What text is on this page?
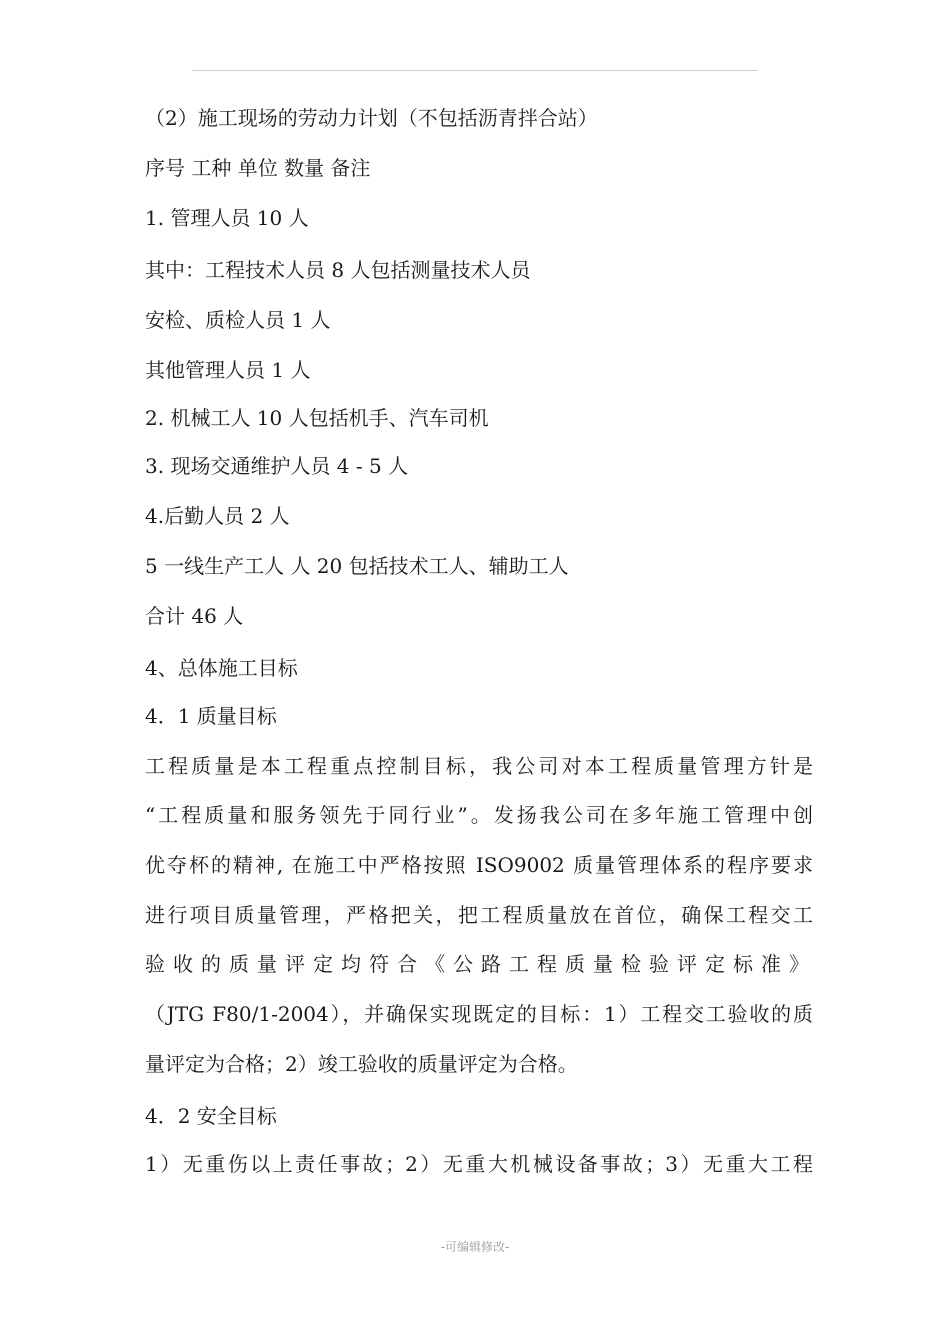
（2）施工现场的劳动力计划（不包括沥青拌合站）
序号 工种 单位 数量 备注
1. 管理人员 10 人
其中：工程技术人员 8 人包括测量技术人员
安检、质检人员 1 人
其他管理人员 1 人
2. 机械工人 10 人包括机手、汽车司机
3. 现场交通维护人员 4 - 5 人
4.后勤人员 2 人
5 一线生产工人 人 20 包括技术工人、辅助工人
合计 46 人
4、总体施工目标
4．1 质量目标
工程质量是本工程重点控制目标，我公司对本工程质量管理方针是
“工程质量和服务领先于同行业”。发扬我公司在多年施工管理中创
优夺杯的精神, 在施工中严格按照 ISO9002 质量管理体系的程序要求
进行项目质量管理，严格把关，把工程质量放在首位，确保工程交工
验收的质量评定均符合《公路工程质量检验评定标准》
（JTG F80/1-2004），并确保实现既定的目标：1）工程交工验收的质
量评定为合格；2）竣工验收的质量评定为合格。
4．2 安全目标
1）无重伤以上责任事故；2）无重大机械设备事故；3）无重大工程
-可编辑修改-
